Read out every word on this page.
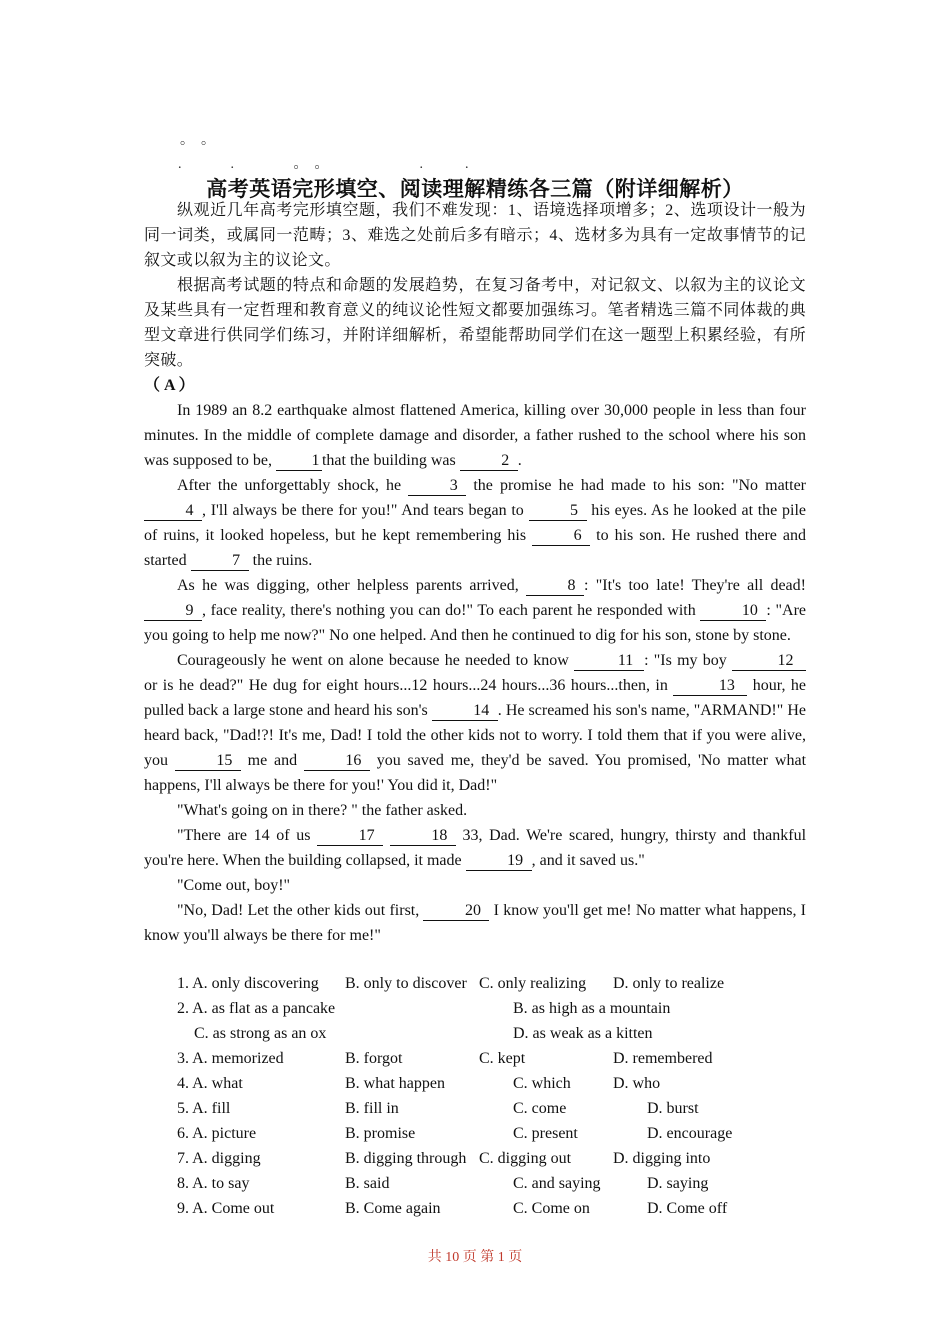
。  。
.              .                 。  。                          .            .
高考英语完形填空、阅读理解精练各三篇（附详细解析）

纵观近几年高考完形填空题，我们不难发现：1、语境选择项增多；2、选项设计一般为同一词类，或属同一范畴；3、难选之处前后多有暗示；4、选材多为具有一定故事情节的记叙文或以叙为主的议论文。

根据高考试题的特点和命题的发展趋势，在复习备考中，对记叙文、以叙为主的议论文及某些具有一定哲理和教育意义的纯议论性短文都要加强练习。笔者精选三篇不同体裁的典型文章进行供同学们练习，并附详细解析，希望能帮助同学们在这一题型上积累经验，有所突破。

（ A ）

In 1989 an 8.2 earthquake almost flattened America, killing over 30,000 people in less than four minutes. In the middle of complete damage and disorder, a father rushed to the school where his son was supposed to be, 1 that the building was	2 .

After the unforgettably shock, he	3 the promise he had made to his son: "No matter 4 , I'll always be there for you!" And tears began to	5 his eyes. As he looked at the pile of ruins, it looked hopeless, but he kept remembering his	6 to his son. He rushed there and started	7 the ruins.

As he was digging, other helpless parents arrived,	8 : "It's too late! They're all dead! 9 , face reality, there's nothing you can do!" To each parent he responded with	10 : "Are you going to help me now?" No one helped. And then he continued to dig for his son, stone by stone.

Courageously he went on alone because he needed to know	11 : "Is my boy	12 or is he dead?" He dug for eight hours...12 hours...24 hours...36 hours...then, in	13 hour, he pulled back a large stone and heard his son's	14 . He screamed his son's name, "ARMAND!" He heard back, "Dad!?! It's me, Dad! I told the other kids not to worry. I told them that if you were alive, you	15 me and	16 you saved me, they'd be saved. You promised, 'No matter what happens, I'll always be there for you!' You did it, Dad!"

"What's going on in there? " the father asked.

"There are 14 of us	17	18 33, Dad. We're scared, hungry, thirsty and thankful you're here. When the building collapsed, it made	19 , and it saved us."

"Come out, boy!"

"No, Dad! Let the other kids out first,	20 I know you'll get me! No matter what happens, I know you'll always be there for me!"

1. A. only discovering B. only to discover C. only realizing D. only to realize
2. A. as flat as a pancake	B. as high as a mountain
C. as strong as an ox	D. as weak as a kitten
3. A. memorized	B. forgot	C. kept	D. remembered
4. A. what	B. what happen	C. which	D. who
5. A. fill	B. fill in	C. come	D. burst
6. A. picture	B. promise	C. present	D. encourage
7. A. digging	B. digging through C. digging out	D. digging into
8. A. to say	B. said	C. and saying	D. saying
9. A. Come out	B. Come again	C. Come on	D. Come off
共 10 页 第 1 页
